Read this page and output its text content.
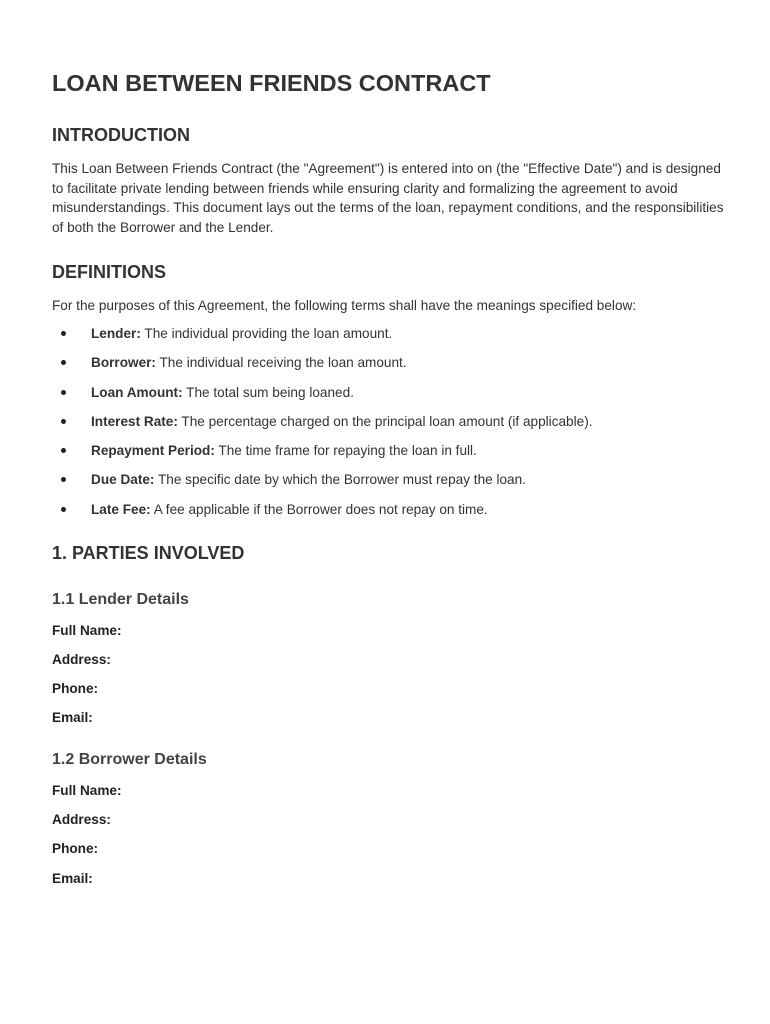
LOAN BETWEEN FRIENDS CONTRACT
INTRODUCTION

This Loan Between Friends Contract (the "Agreement") is entered into on (the "Effective Date") and is designed to facilitate private lending between friends while ensuring clarity and formalizing the agreement to avoid misunderstandings. This document lays out the terms of the loan, repayment conditions, and the responsibilities of both the Borrower and the Lender.

DEFINITIONS

For the purposes of this Agreement, the following terms shall have the meanings specified below:

Lender: The individual providing the loan amount.
Borrower: The individual receiving the loan amount.
Loan Amount: The total sum being loaned.
Interest Rate: The percentage charged on the principal loan amount (if applicable).
Repayment Period: The time frame for repaying the loan in full.
Due Date: The specific date by which the Borrower must repay the loan.
Late Fee: A fee applicable if the Borrower does not repay on time.
1. PARTIES INVOLVED
1.1 Lender Details
Full Name:
Address:
Phone:
Email:
1.2 Borrower Details
Full Name:
Address:
Phone:
Email:
